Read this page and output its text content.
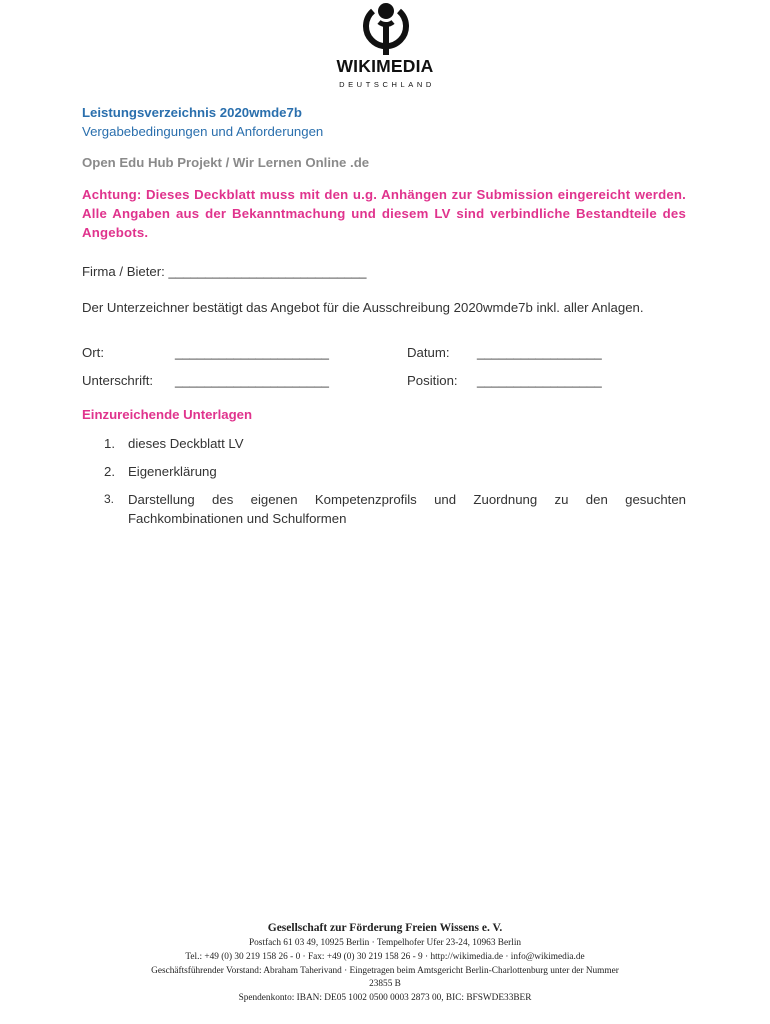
WIKIMEDIA
DEUTSCHLAND
Leistungsverzeichnis 2020wmde7b
Vergabebedingungen und Anforderungen
Open Edu Hub Projekt / Wir Lernen Online .de
Achtung: Dieses Deckblatt muss mit den u.g. Anhängen zur Submission eingereicht werden. Alle Angaben aus der Bekanntmachung und diesem LV sind verbindliche Bestandteile des Angebots.
Firma / Bieter: ___________________________
Der Unterzeichner bestätigt das Angebot für die Ausschreibung 2020wmde7b inkl. aller Anlagen.
Ort:	_____________________	Datum: _________________
Unterschrift: _____________________	Position: _________________
Einzureichende Unterlagen
1. dieses Deckblatt LV
2. Eigenerklärung
3.	Darstellung des eigenen Kompetenzprofils und Zuordnung zu den gesuchten Fachkombinationen und Schulformen
Gesellschaft zur Förderung Freien Wissens e. V.
Postfach 61 03 49, 10925 Berlin · Tempelhofer Ufer 23-24, 10963 Berlin
Tel.: +49 (0) 30 219 158 26 - 0 · Fax: +49 (0) 30 219 158 26 - 9 · http://wikimedia.de · info@wikimedia.de
Geschäftsführender Vorstand: Abraham Taherivand · Eingetragen beim Amtsgericht Berlin-Charlottenburg unter der Nummer
23855 B
Spendenkonto: IBAN: DE05 1002 0500 0003 2873 00, BIC: BFSWDE33BER
